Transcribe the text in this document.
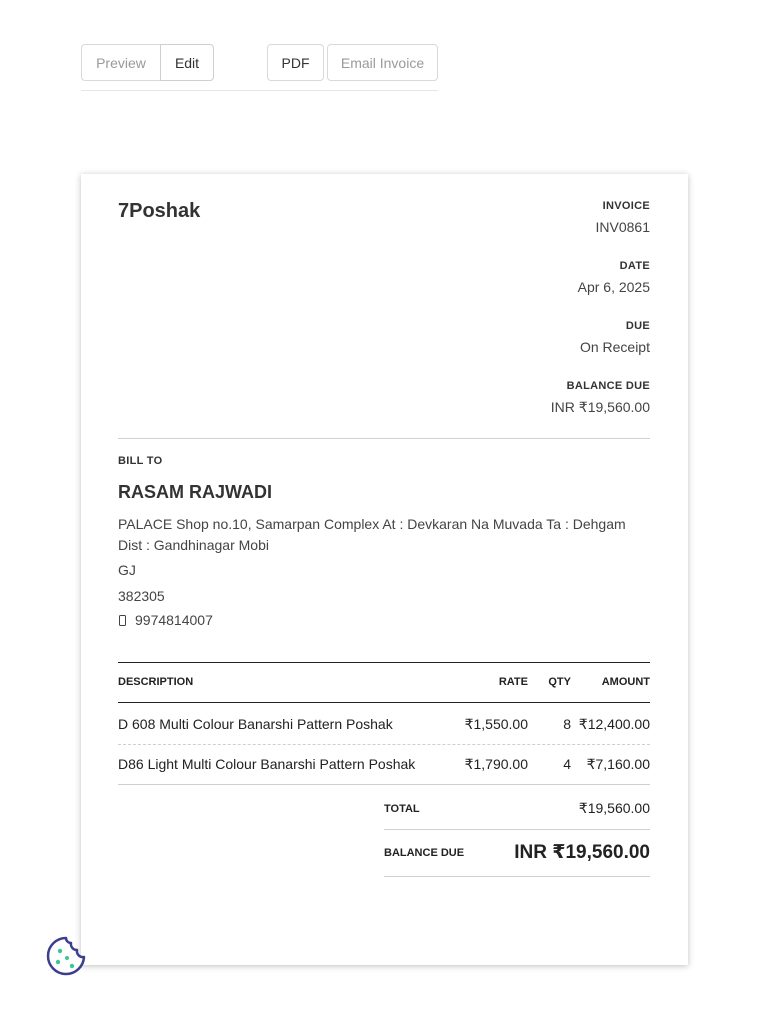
Preview	Edit	PDF	Email Invoice
7Poshak	INVOICE
INV0861
DATE
Apr 6, 2025
DUE
On Receipt
BALANCE DUE
INR ₹19,560.00
BILL TO
RASAM RAJWADI
PALACE Shop no.10, Samarpan Complex At : Devkaran Na Muvada Ta : Dehgam Dist : Gandhinagar Mobi
GJ
382305
9974814007
DESCRIPTION	RATE QTY	AMOUNT
D 608 Multi Colour Banarshi Pattern Poshak	₹1,550.00	8 ₹12,400.00
D86 Light Multi Colour Banarshi Pattern Poshak	₹1,790.00	4 ₹7,160.00
TOTAL	₹19,560.00
BALANCE DUE	INR ₹19,560.00
